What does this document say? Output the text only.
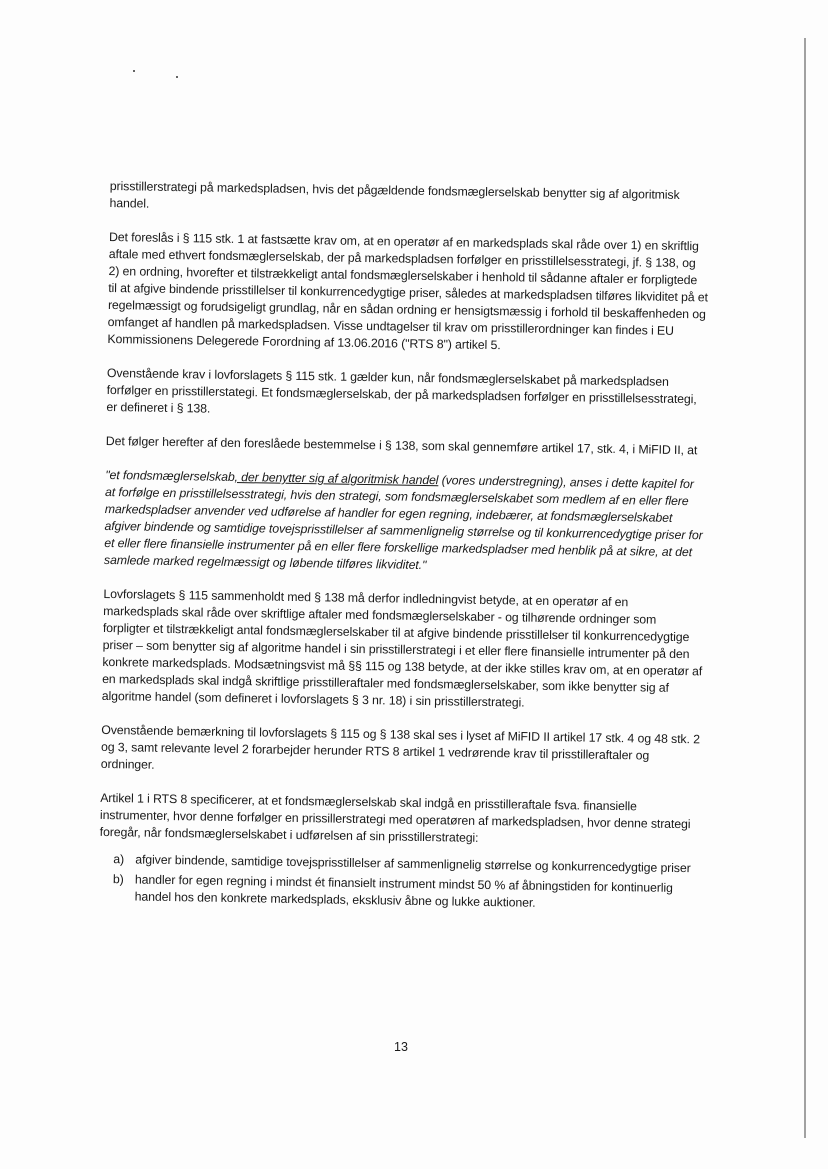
prisstillerstrategi på markedspladsen, hvis det pågældende fondsmæglerselskab benytter sig af algoritmisk handel.

Det foreslås i § 115 stk. 1 at fastsætte krav om, at en operatør af en markedsplads skal råde over 1) en skriftlig aftale med ethvert fondsmæglerselskab, der på markedspladsen forfølger en prisstillelsesstrategi, jf. § 138, og 2) en ordning, hvorefter et tilstrækkeligt antal fondsmæglerselskaber i henhold til sådanne aftaler er forpligtede til at afgive bindende prisstillelser til konkurrencedygtige priser, således at markedspladsen tilføres likviditet på et regelmæssigt og forudsigeligt grundlag, når en sådan ordning er hensigtsmæssig i forhold til beskaffenheden og omfanget af handlen på markedspladsen. Visse undtagelser til krav om prisstillerordninger kan findes i EU Kommissionens Delegerede Forordning af 13.06.2016 ("RTS 8") artikel 5.

Ovenstående krav i lovforslagets § 115 stk. 1 gælder kun, når fondsmæglerselskabet på markedspladsen forfølger en prisstillerstategi. Et fondsmæglerselskab, der på markedspladsen forfølger en prisstillelsesstrategi, er defineret i § 138.

Det følger herefter af den foreslåede bestemmelse i § 138, som skal gennemføre artikel 17, stk. 4, i MiFID II, at

"et fondsmæglerselskab, der benytter sig af algoritmisk handel (vores understregning), anses i dette kapitel for at forfølge en prisstillelsesstrategi, hvis den strategi, som fondsmæglerselskabet som medlem af en eller flere markedspladser anvender ved udførelse af handler for egen regning, indebærer, at fondsmæglerselskabet afgiver bindende og samtidige tovejsprisstillelser af sammenlignelig størrelse og til konkurrencedygtige priser for et eller flere finansielle instrumenter på en eller flere forskellige markedspladser med henblik på at sikre, at det samlede marked regelmæssigt og løbende tilføres likviditet."

Lovforslagets § 115 sammenholdt med § 138 må derfor indledningvist betyde, at en operatør af en markedsplads skal råde over skriftlige aftaler med fondsmæglerselskaber - og tilhørende ordninger som forpligter et tilstrækkeligt antal fondsmæglerselskaber til at afgive bindende prisstillelser til konkurrencedygtige priser – som benytter sig af algoritme handel i sin prisstillerstrategi i et eller flere finansielle intrumenter på den konkrete markedsplads. Modsætningsvist må §§ 115 og 138 betyde, at der ikke stilles krav om, at en operatør af en markedsplads skal indgå skriftlige prisstilleraftaler med fondsmæglerselskaber, som ikke benytter sig af algoritme handel (som defineret i lovforslagets § 3 nr. 18) i sin prisstillerstrategi.

Ovenstående bemærkning til lovforslagets § 115 og § 138 skal ses i lyset af MiFID II artikel 17 stk. 4 og 48 stk. 2 og 3, samt relevante level 2 forarbejder herunder RTS 8 artikel 1 vedrørende krav til prisstilleraftaler og ordninger.

Artikel 1 i RTS 8 specificerer, at et fondsmæglerselskab skal indgå en prisstilleraftale fsva. finansielle instrumenter, hvor denne forfølger en prissillerstrategi med operatøren af markedspladsen, hvor denne strategi foregår, når fondsmæglerselskabet i udførelsen af sin prisstillerstrategi:

a) afgiver bindende, samtidige tovejsprisstillelser af sammenlignelig størrelse og konkurrencedygtige priser
b) handler for egen regning i mindst ét finansielt instrument mindst 50 % af åbningstiden for kontinuerlig handel hos den konkrete markedsplads, eksklusiv åbne og lukke auktioner.
13
